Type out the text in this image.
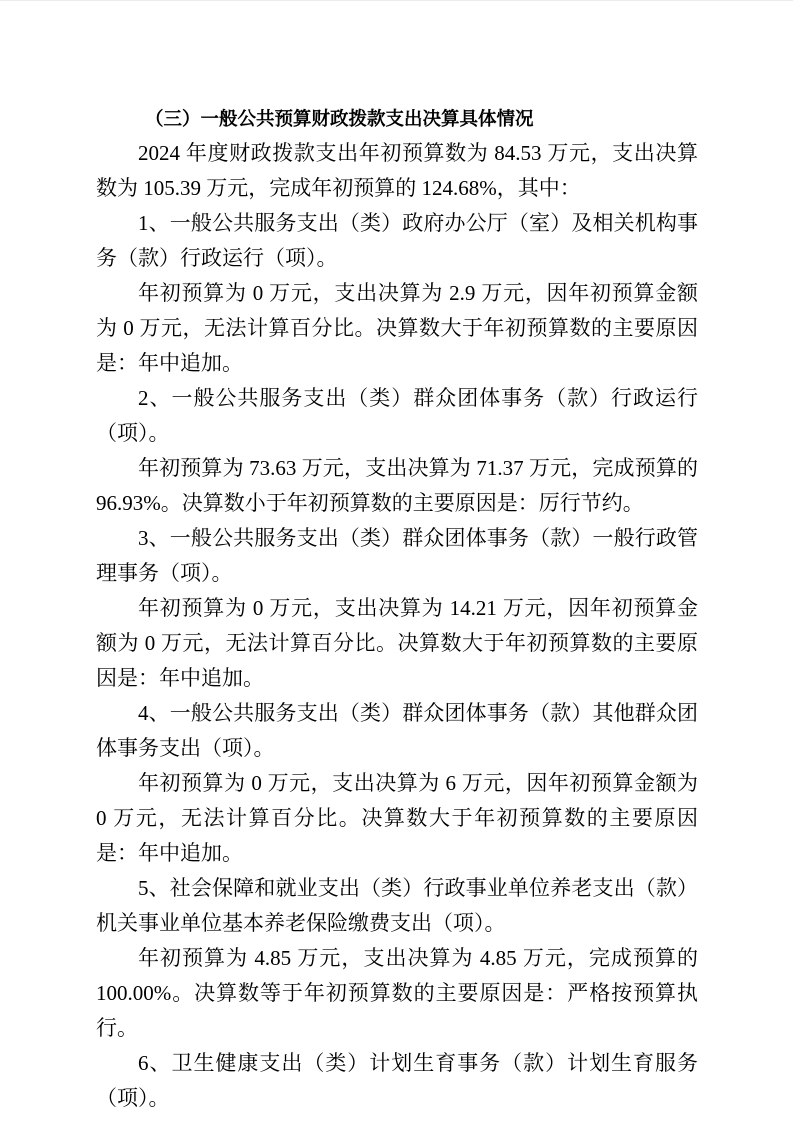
（三）一般公共预算财政拨款支出决算具体情况

2024 年度财政拨款支出年初预算数为 84.53 万元，支出决算数为 105.39 万元，完成年初预算的 124.68%，其中：

1、一般公共服务支出（类）政府办公厅（室）及相关机构事务（款）行政运行（项）。

年初预算为 0 万元，支出决算为 2.9 万元，因年初预算金额为 0 万元，无法计算百分比。决算数大于年初预算数的主要原因是：年中追加。

2、一般公共服务支出（类）群众团体事务（款）行政运行（项）。

年初预算为 73.63 万元，支出决算为 71.37 万元，完成预算的 96.93%。决算数小于年初预算数的主要原因是：厉行节约。

3、一般公共服务支出（类）群众团体事务（款）一般行政管理事务（项）。

年初预算为 0 万元，支出决算为 14.21 万元，因年初预算金额为 0 万元，无法计算百分比。决算数大于年初预算数的主要原因是：年中追加。

4、一般公共服务支出（类）群众团体事务（款）其他群众团体事务支出（项）。

年初预算为 0 万元，支出决算为 6 万元，因年初预算金额为 0 万元，无法计算百分比。决算数大于年初预算数的主要原因是：年中追加。

5、社会保障和就业支出（类）行政事业单位养老支出（款）机关事业单位基本养老保险缴费支出（项）。

年初预算为 4.85 万元，支出决算为 4.85 万元，完成预算的 100.00%。决算数等于年初预算数的主要原因是：严格按预算执行。

6、卫生健康支出（类）计划生育事务（款）计划生育服务（项）。
